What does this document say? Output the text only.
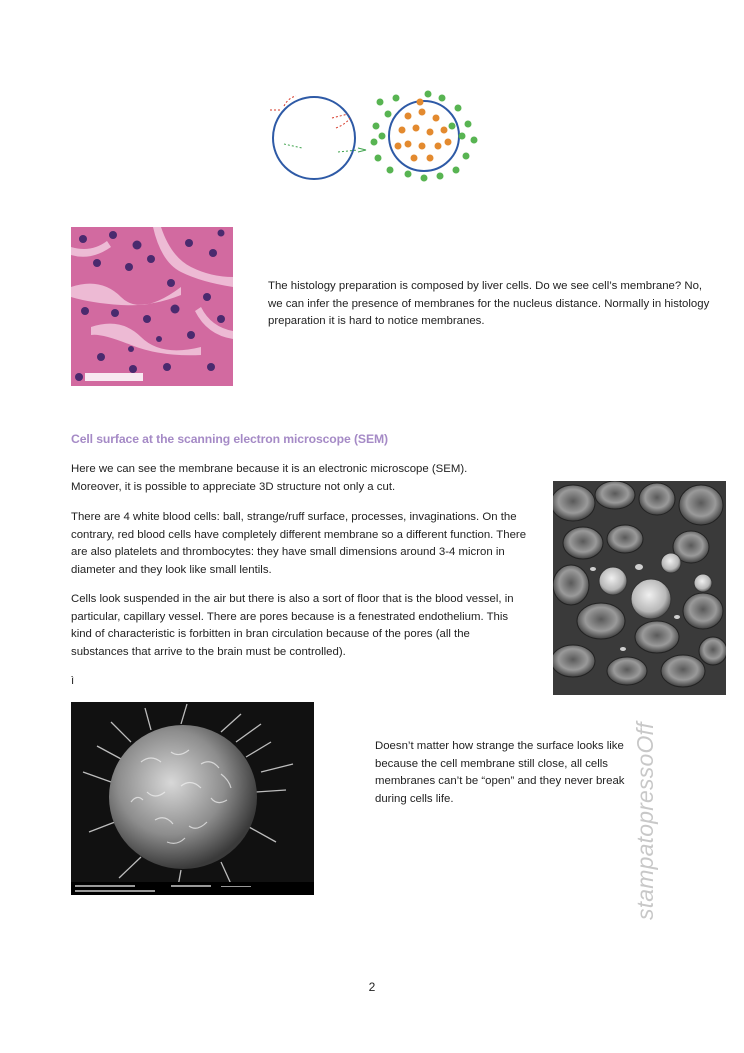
The histology preparation is composed by liver cells. Do we see cell’s membrane? No, we can infer the presence of membranes for the nucleus distance. Normally in histology preparation it is hard to notice membranes.

Cell surface at the scanning electron microscope (SEM)

Here we can see the membrane because it is an electronic microscope (SEM). Moreover, it is possible to appreciate 3D structure not only a cut.

There are 4 white blood cells: ball, strange/ruff surface, processes, invaginations. On the contrary, red blood cells have completely different membrane so a different function. There are also platelets and thrombocytes: they have small dimensions around 3-4 micron in diameter and they look like small lentils.

Cells look suspended in the air but there is also a sort of floor that is the blood vessel, in particular, capillary vessel. There are pores because is a fenestrated endothelium. This kind of characteristic is forbitten in bran circulation because of the pores (all the substances that arrive to the brain must be controlled).

ì

Doesn’t matter how strange the surface looks like because the cell membrane still close, all cells membranes can’t be “open” and they never break during cells life.	stampatopressoOff
2
